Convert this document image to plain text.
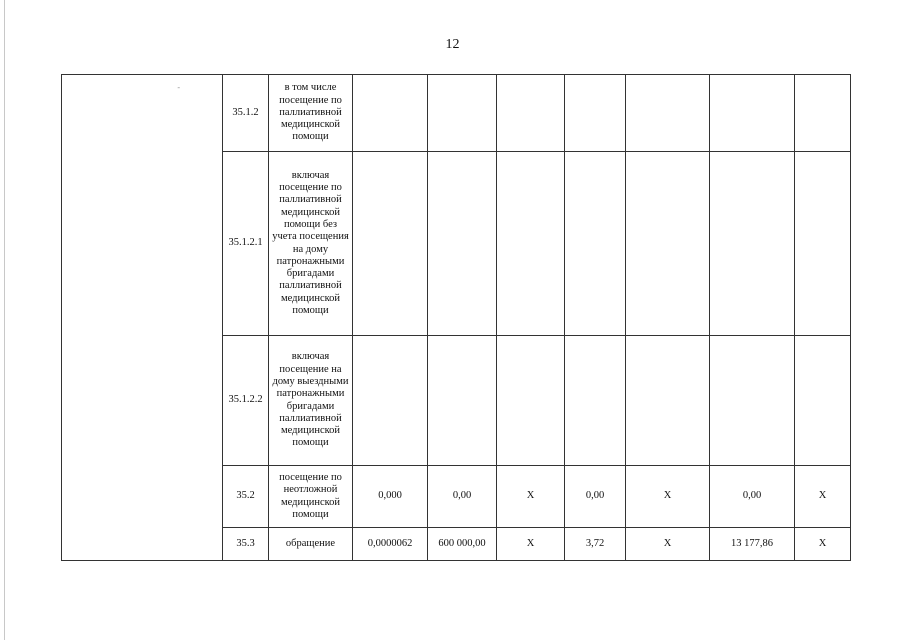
12
-	35.1.2	в том числе посещение по паллиативной медицинской помощи							
	35.1.2.1	включая посещение по паллиативной медицинской помощи без учета посещения на дому патронажными бригадами паллиативной медицинской помощи							
	35.1.2.2	включая посещение на дому выездными патронажными бригадами паллиативной медицинской помощи							
	35.2	посещение по неотложной медицинской помощи	0,000	0,00	X	0,00	X	0,00	X
	35.3	обращение	0,0000062	600 000,00	X	3,72	X	13 177,86	X
